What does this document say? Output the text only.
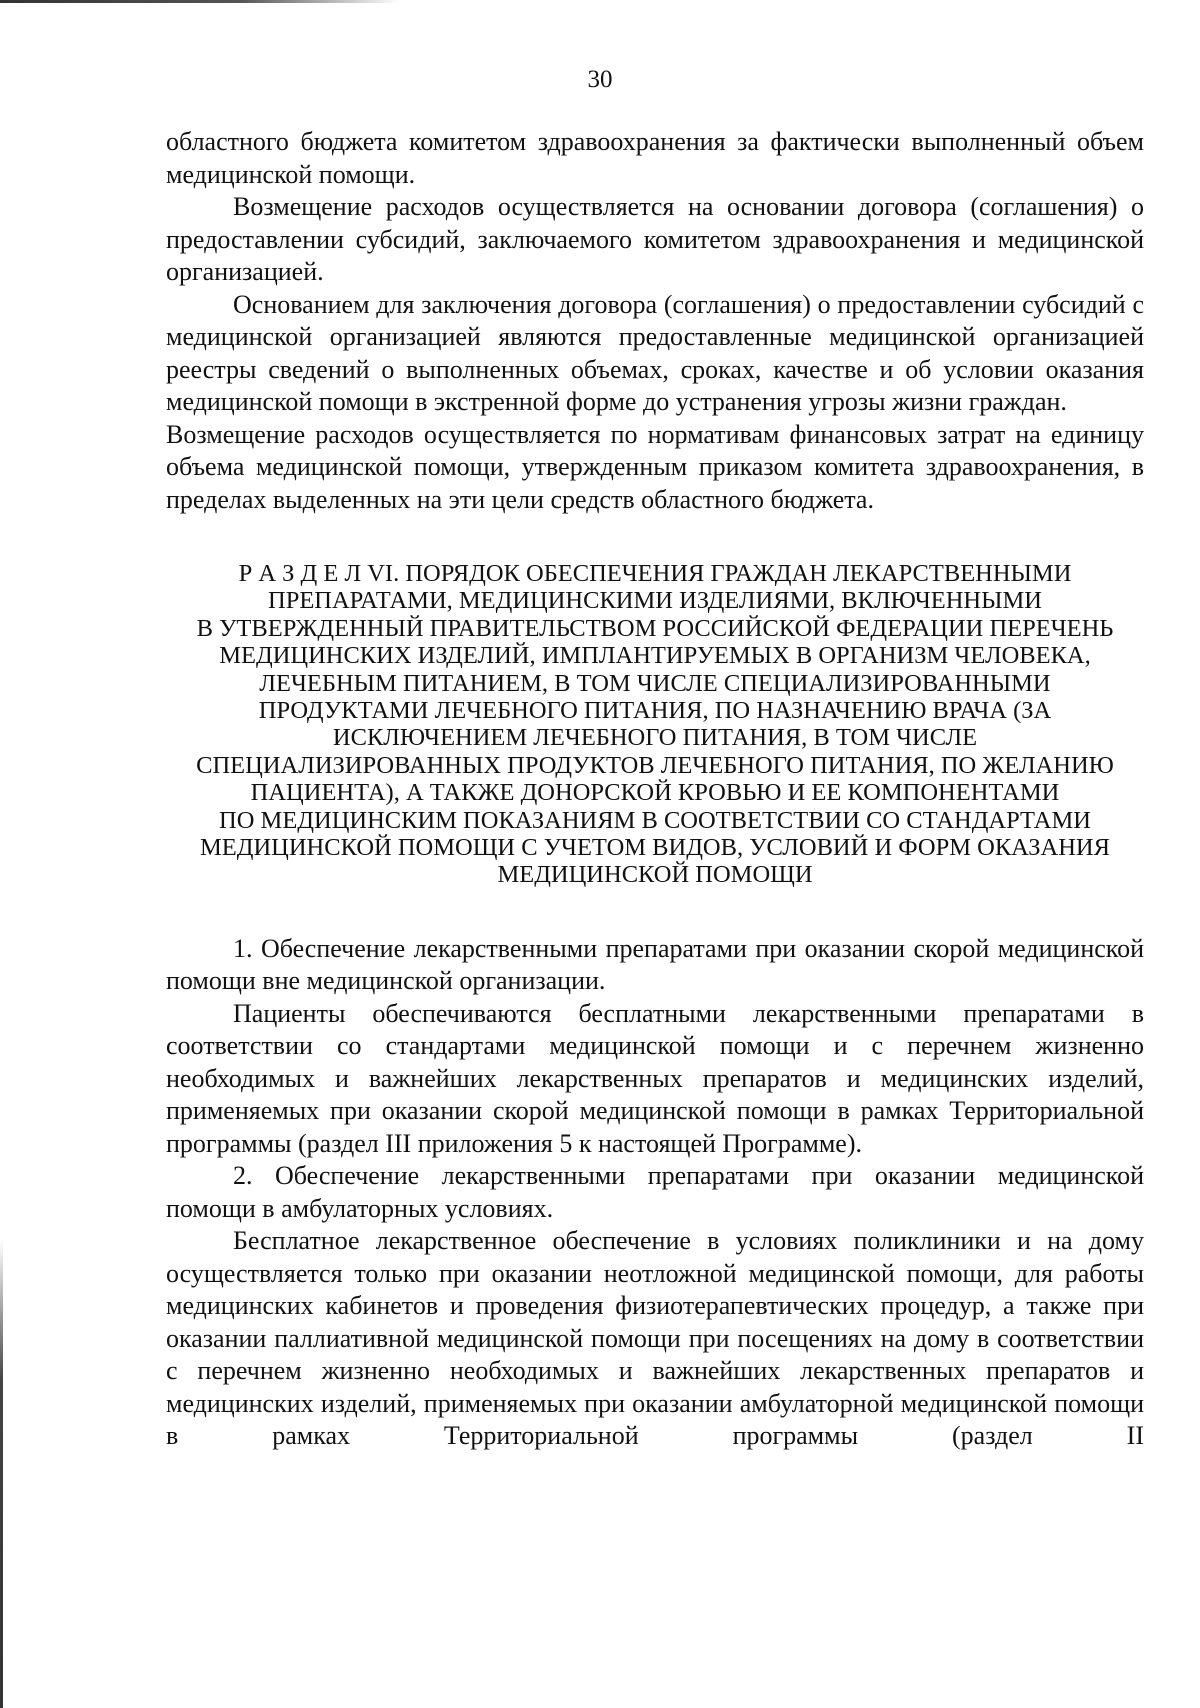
30

областного бюджета комитетом здравоохранения за фактически выполненный объем медицинской помощи.

Возмещение расходов осуществляется на основании договора (соглашения) о предоставлении субсидий, заключаемого комитетом здравоохранения и медицинской организацией.

Основанием для заключения договора (соглашения) о предоставлении субсидий с медицинской организацией являются предоставленные медицинской организацией реестры сведений о выполненных объемах, сроках, качестве и об условии оказания медицинской помощи в экстренной форме до устранения угрозы жизни граждан.

Возмещение расходов осуществляется по нормативам финансовых затрат на единицу объема медицинской помощи, утвержденным приказом комитета здравоохранения, в пределах выделенных на эти цели средств областного бюджета.

Р А З Д Е Л VI. ПОРЯДОК ОБЕСПЕЧЕНИЯ ГРАЖДАН ЛЕКАРСТВЕННЫМИ
ПРЕПАРАТАМИ, МЕДИЦИНСКИМИ ИЗДЕЛИЯМИ, ВКЛЮЧЕННЫМИ
В УТВЕРЖДЕННЫЙ ПРАВИТЕЛЬСТВОМ РОССИЙСКОЙ ФЕДЕРАЦИИ ПЕРЕЧЕНЬ
МЕДИЦИНСКИХ ИЗДЕЛИЙ, ИМПЛАНТИРУЕМЫХ В ОРГАНИЗМ ЧЕЛОВЕКА,
ЛЕЧЕБНЫМ ПИТАНИЕМ, В ТОМ ЧИСЛЕ СПЕЦИАЛИЗИРОВАННЫМИ
ПРОДУКТАМИ ЛЕЧЕБНОГО ПИТАНИЯ, ПО НАЗНАЧЕНИЮ ВРАЧА (ЗА
ИСКЛЮЧЕНИЕМ ЛЕЧЕБНОГО ПИТАНИЯ, В ТОМ ЧИСЛЕ
СПЕЦИАЛИЗИРОВАННЫХ ПРОДУКТОВ ЛЕЧЕБНОГО ПИТАНИЯ, ПО ЖЕЛАНИЮ
ПАЦИЕНТА), А ТАКЖЕ ДОНОРСКОЙ КРОВЬЮ И ЕЕ КОМПОНЕНТАМИ
ПО МЕДИЦИНСКИМ ПОКАЗАНИЯМ В СООТВЕТСТВИИ СО СТАНДАРТАМИ
МЕДИЦИНСКОЙ ПОМОЩИ С УЧЕТОМ ВИДОВ, УСЛОВИЙ И ФОРМ ОКАЗАНИЯ
МЕДИЦИНСКОЙ ПОМОЩИ

1. Обеспечение лекарственными препаратами при оказании скорой медицинской помощи вне медицинской организации.

Пациенты обеспечиваются бесплатными лекарственными препаратами в соответствии со стандартами медицинской помощи и с перечнем жизненно необходимых и важнейших лекарственных препаратов и медицинских изделий, применяемых при оказании скорой медицинской помощи в рамках Территориальной программы (раздел III приложения 5 к настоящей Программе).

2. Обеспечение лекарственными препаратами при оказании медицинской помощи в амбулаторных условиях.

Бесплатное лекарственное обеспечение в условиях поликлиники и на дому осуществляется только при оказании неотложной медицинской помощи, для работы медицинских кабинетов и проведения физиотерапевтических процедур, а также при оказании паллиативной медицинской помощи при посещениях на дому в соответствии с перечнем жизненно необходимых и важнейших лекарственных препаратов и медицинских изделий, применяемых при оказании амбулаторной медицинской помощи в рамках Территориальной программы (раздел II
